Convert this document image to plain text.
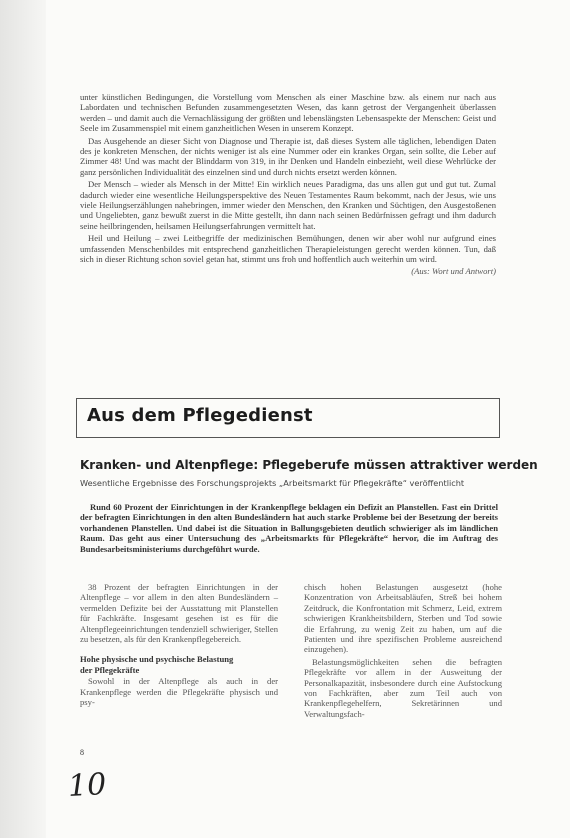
unter künstlichen Bedingungen, die Vorstellung vom Menschen als einer Maschine bzw. als einem nur nach aus Labordaten und technischen Befunden zusammengesetzten Wesen, das kann getrost der Vergangenheit überlassen werden – und damit auch die Vernachlässigung der größten und lebenslängsten Lebensaspekte der Menschen: Geist und Seele im Zusammenspiel mit einem ganzheitlichen Wesen in unserem Konzept.

Das Ausgehende an dieser Sicht von Diagnose und Therapie ist, daß dieses System alle täglichen, lebendigen Daten des je konkreten Menschen, der nichts weniger ist als eine Nummer oder ein krankes Organ, sein sollte, die Leber auf Zimmer 48! Und was macht der Blinddarm von 319, in ihr Denken und Handeln einbezieht, weil diese Wehrlücke der ganz persönlichen Individualität des einzelnen sind und durch nichts ersetzt werden können.

Der Mensch – wieder als Mensch in der Mitte! Ein wirklich neues Paradigma, das uns allen gut und gut tut. Zumal dadurch wieder eine wesentliche Heilungsperspektive des Neuen Testamentes Raum bekommt, nach der Jesus, wie uns viele Heilungserzählungen nahebringen, immer wieder den Menschen, den Kranken und Süchtigen, den Ausgestoßenen und Ungeliebten, ganz bewußt zuerst in die Mitte gestellt, ihn dann nach seinen Bedürfnissen gefragt und ihm dadurch seine heilbringenden, heilsamen Heilungserfahrungen vermittelt hat.

Heil und Heilung – zwei Leitbegriffe der medizinischen Bemühungen, denen wir aber wohl nur aufgrund eines umfassenden Menschenbildes mit entsprechend ganzheitlichen Therapieleistungen gerecht werden können. Tun, daß sich in dieser Richtung schon soviel getan hat, stimmt uns froh und hoffentlich auch weiterhin um wird.

(Aus: Wort und Antwort)
Aus dem Pflegedienst
Kranken- und Altenpflege: Pflegeberufe müssen attraktiver werden
Wesentliche Ergebnisse des Forschungsprojekts „Arbeitsmarkt für Pflegekräfte“ veröffentlicht

Rund 60 Prozent der Einrichtungen in der Krankenpflege beklagen ein Defizit an Planstellen. Fast ein Drittel der befragten Einrichtungen in den alten Bundesländern hat auch starke Probleme bei der Besetzung der bereits vorhandenen Planstellen. Und dabei ist die Situation in Ballungsgebieten deutlich schwieriger als im ländlichen Raum. Das geht aus einer Untersuchung des „Arbeitsmarkts für Pflegekräfte“ hervor, die im Auftrag des Bundesarbeitsministeriums durchgeführt wurde.

38 Prozent der befragten Einrichtungen in der Altenpflege – vor allem in den alten Bundesländern – vermelden Defizite bei der Ausstattung mit Planstellen für Fachkräfte. Insgesamt gesehen ist es für die Altenpflegeeinrichtungen tendenziell schwieriger, Stellen zu besetzen, als für den Krankenpflegebereich.

Hohe physische und psychische Belastung
der Pflegekräfte

Sowohl in der Altenpflege als auch in der Krankenpflege werden die Pflegekräfte physisch und psy-

chisch hohen Belastungen ausgesetzt (hohe Konzentration von Arbeitsabläufen, Streß bei hohem Zeitdruck, die Konfrontation mit Schmerz, Leid, extrem schwierigen Krankheitsbildern, Sterben und Tod sowie die Erfahrung, zu wenig Zeit zu haben, um auf die Patienten und ihre spezifischen Probleme ausreichend einzugehen).

Belastungsmöglichkeiten sehen die befragten Pflegekräfte vor allem in der Ausweitung der Personalkapazität, insbesondere durch eine Aufstockung von Fachkräften, aber zum Teil auch von Krankenpflegehelfern, Sekretärinnen und Verwaltungsfach-

8
10
